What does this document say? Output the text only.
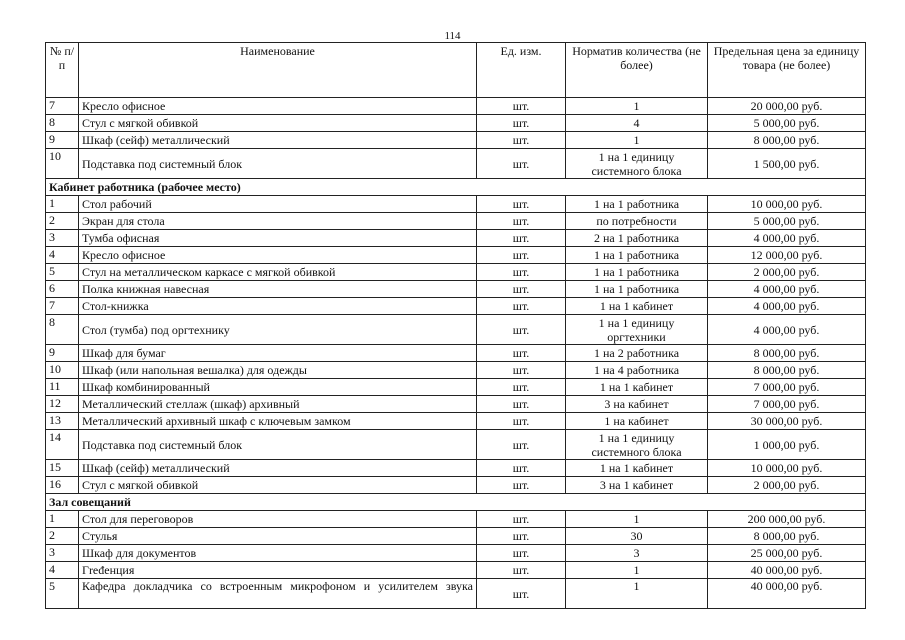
114
№ п/п	Наименование	Ед. изм.	Норматив количества (не более)	Предельная цена за единицу товара (не более)
7	Кресло офисное	шт.	1	20 000,00 руб.
8	Стул с мягкой обивкой	шт.	4	5 000,00 руб.
9	Шкаф (сейф) металлический	шт.	1	8 000,00 руб.
10	Подставка под системный блок	шт.	1 на 1 единицу системного блока	1 500,00 руб.
Кабинет работника (рабочее место)				
1	Стол рабочий	шт.	1 на 1 работника	10 000,00 руб.
2	Экран для стола	шт.	по потребности	5 000,00 руб.
3	Тумба офисная	шт.	2 на 1 работника	4 000,00 руб.
4	Кресло офисное	шт.	1 на 1 работника	12 000,00 руб.
5	Стул на металлическом каркасе с мягкой обивкой	шт.	1 на 1 работника	2 000,00 руб.
6	Полка книжная навесная	шт.	1 на 1 работника	4 000,00 руб.
7	Стол-книжка	шт.	1 на 1 кабинет	4 000,00 руб.
8	Стол (тумба) под оргтехнику	шт.	1 на 1 единицу оргтехники	4 000,00 руб.
9	Шкаф для бумаг	шт.	1 на 2 работника	8 000,00 руб.
10	Шкаф (или напольная вешалка) для одежды	шт.	1 на 4 работника	8 000,00 руб.
11	Шкаф комбинированный	шт.	1 на 1 кабинет	7 000,00 руб.
12	Металлический стеллаж (шкаф) архивный	шт.	3 на кабинет	7 000,00 руб.
13	Металлический архивный шкаф с ключевым замком	шт.	1 на кабинет	30 000,00 руб.
14	Подставка под системный блок	шт.	1 на 1 единицу системного блока	1 000,00 руб.
15	Шкаф (сейф) металлический	шт.	1 на 1 кабинет	10 000,00 руб.
16	Стул с мягкой обивкой	шт.	3 на 1 кабинет	2 000,00 руб.
Зал совещаний				
1	Стол для переговоров	шт.	1	200 000,00 руб.
2	Стулья	шт.	30	8 000,00 руб.
3	Шкаф для документов	шт.	3	25 000,00 руб.
4	Гređенция	шт.	1	40 000,00 руб.
5	Кафедра докладчика со встроенным микрофоном и усилителем звука	шт.	1	40 000,00 руб.
